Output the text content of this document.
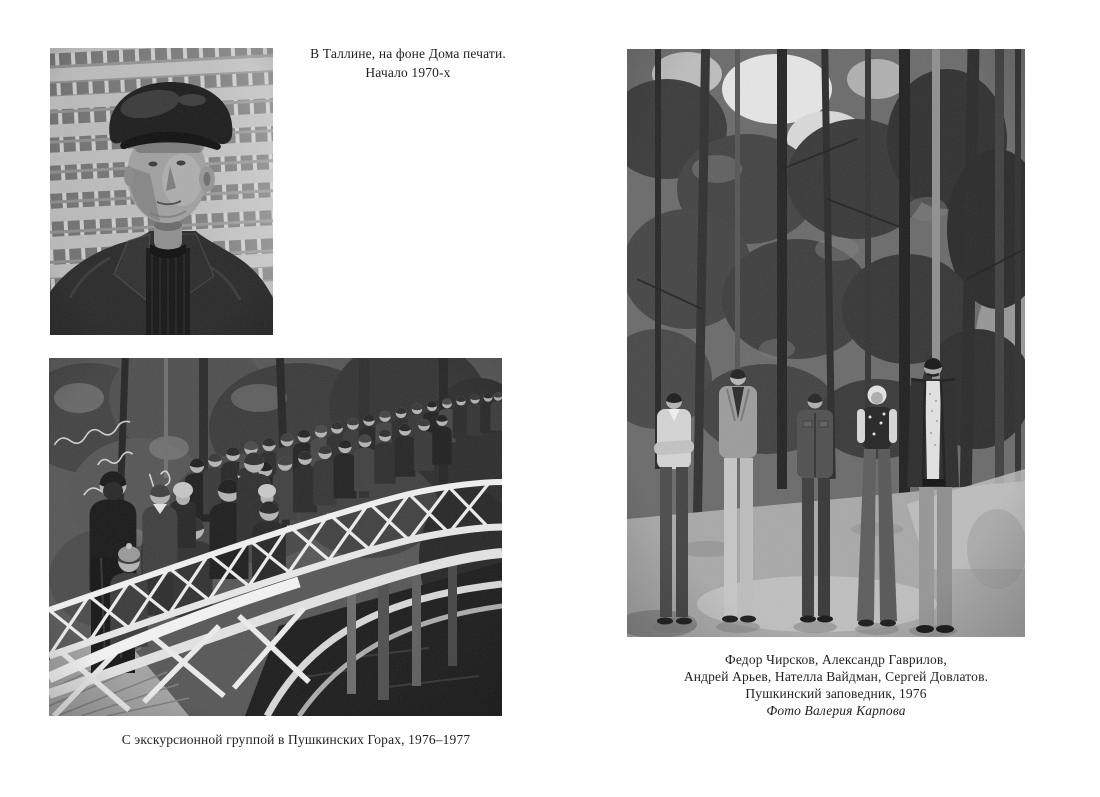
В Таллине, на фоне Дома печати.
Начало 1970-х
С экскурсионной группой в Пушкинских Горах, 1976–1977
Федор Чирсков, Александр Гаврилов,
Андрей Арьев, Нателла Вайдман, Сергей Довлатов.
Пушкинский заповедник, 1976
Фото Валерия Карпова
